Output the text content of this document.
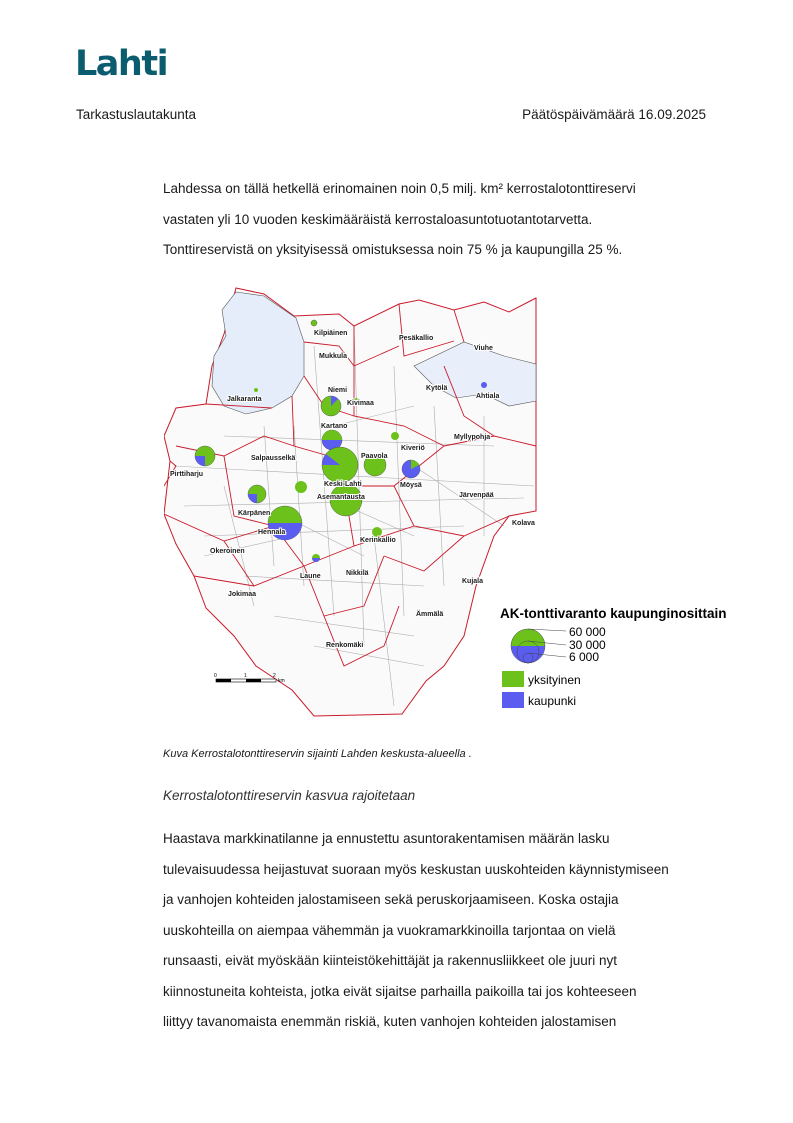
Lahti
Tarkastuslautakunta	Päätöspäivämäärä 16.09.2025
Lahdessa on tällä hetkellä erinomainen noin 0,5 milj. km² kerrostalotonttireservi
vastaten yli 10 vuoden keskimääräistä kerrostaloasuntotuotantotarvetta.
Tonttireservistä on yksityisessä omistuksessa noin 75 % ja kaupungilla 25 %.
Kilpiäinen
Pesäkallio
Mukkula
Viuhe
Niemi	Kytölä
Ahtiala
Jalkaranta
Kivimaa
Kartano
Myllypohja
Kiveriö
Salpausselkä	Paavola
Möysä
Pirttiharju
Keski-Lahti
Järvenpää
Asemantausta
Kärpänen
Kolava
Hennala
Kerinkallio
Okeroinen
Laune	Nikkilä
Kujala
Jokimaa
Ämmälä
Renkomäki
0	1	2
km
AK-tonttivaranto kaupunginosittain
60 000
30 000
6 000
yksityinen
kaupunki
Kuva Kerrostalotonttireservin sijainti Lahden keskusta-alueella .
Kerrostalotonttireservin kasvua rajoitetaan
Haastava markkinatilanne ja ennustettu asuntorakentamisen määrän lasku
tulevaisuudessa heijastuvat suoraan myös keskustan uuskohteiden käynnistymiseen
ja vanhojen kohteiden jalostamiseen sekä peruskorjaamiseen. Koska ostajia
uuskohteilla on aiempaa vähemmän ja vuokramarkkinoilla tarjontaa on vielä
runsaasti, eivät myöskään kiinteistökehittäjät ja rakennusliikkeet ole juuri nyt
kiinnostuneita kohteista, jotka eivät sijaitse parhailla paikoilla tai jos kohteeseen
liittyy tavanomaista enemmän riskiä, kuten vanhojen kohteiden jalostamisen
